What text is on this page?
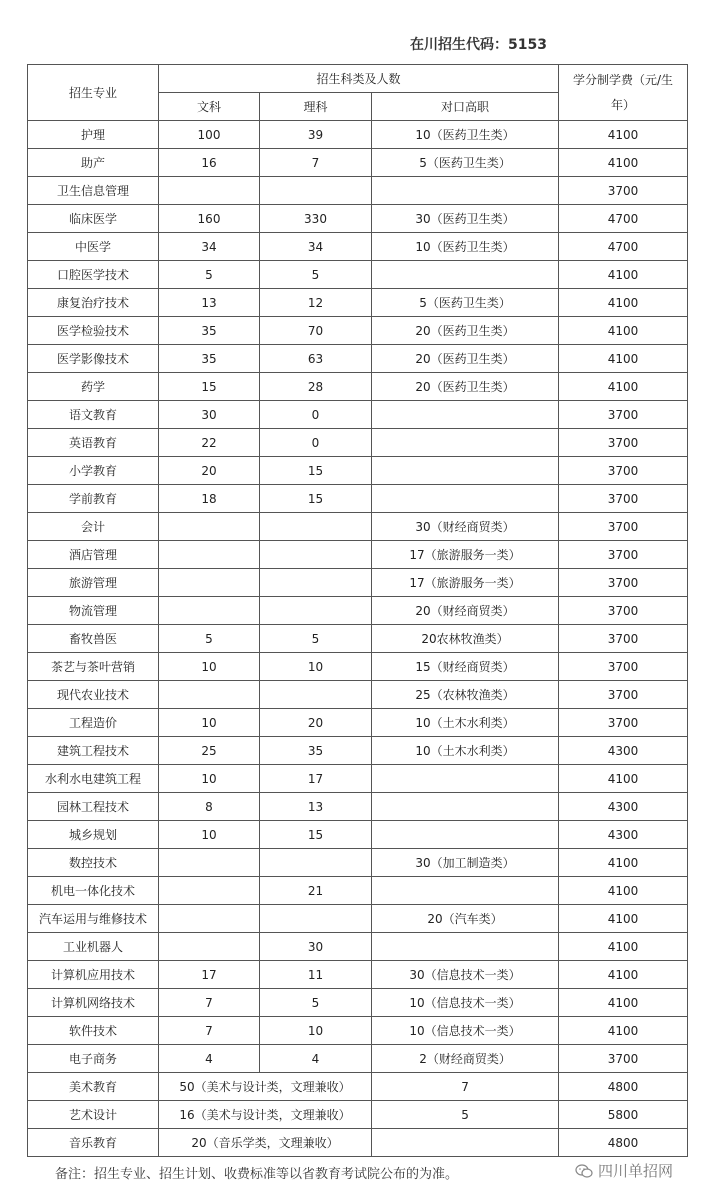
在川招生代码：5153
招生专业	招生科类及人数			学分制学费（元/生
年）
	文科	理科	对口高职	
护理	100	39	10（医药卫生类）	4100
助产	16	7	5（医药卫生类）	4100
卫生信息管理				3700
临床医学	160	330	30（医药卫生类）	4700
中医学	34	34	10（医药卫生类）	4700
口腔医学技术	5	5		4100
康复治疗技术	13	12	5（医药卫生类）	4100
医学检验技术	35	70	20（医药卫生类）	4100
医学影像技术	35	63	20（医药卫生类）	4100
药学	15	28	20（医药卫生类）	4100
语文教育	30	0		3700
英语教育	22	0		3700
小学教育	20	15		3700
学前教育	18	15		3700
会计			30（财经商贸类）	3700
酒店管理			17（旅游服务一类）	3700
旅游管理			17（旅游服务一类）	3700
物流管理			20（财经商贸类）	3700
畜牧兽医	5	5	20农林牧渔类）	3700
茶艺与茶叶营销	10	10	15（财经商贸类）	3700
现代农业技术			25（农林牧渔类）	3700
工程造价	10	20	10（土木水利类）	3700
建筑工程技术	25	35	10（土木水利类）	4300
水利水电建筑工程	10	17		4100
园林工程技术	8	13		4300
城乡规划	10	15		4300
数控技术			30（加工制造类）	4100
机电一体化技术		21		4100
汽车运用与维修技术			20（汽车类）	4100
工业机器人		30		4100
计算机应用技术	17	11	30（信息技术一类）	4100
计算机网络技术	7	5	10（信息技术一类）	4100
软件技术	7	10	10（信息技术一类）	4100
电子商务	4	4	2（财经商贸类）	3700
美术教育	50（美术与设计类，文理兼收）		7	4800
艺术设计	16（美术与设计类，文理兼收）		5	5800
音乐教育	20（音乐学类，文理兼收）			4800
备注：招生专业、招生计划、收费标准等以省教育考试院公布的为准。	四川单招网
